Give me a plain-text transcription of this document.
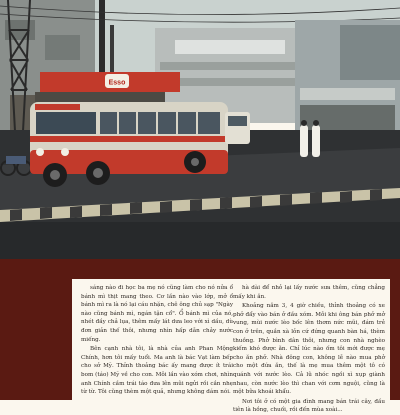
Esso

sáng nào đi học ba mẹ nó cũng làm cho nó nửa ổ bánh mì thịt mang theo. Cơ lần nào vào lớp, mở ổ bánh mì ra là nó lại cáu nhặn, chê ông chủ sạp "Ngày nào cũng bánh mì, ngán tận cổ". Ổ bánh mì của nó, nhét đầy chả lụa, thêm mấy lát dưa leo với xì dầu, dù đơn giản thế thôi, nhưng nhìn hấp dẫn chảy nước miếng.

Bên cạnh nhà tôi, là nhà của anh Phan Mộng Chính, hơn tôi mấy tuổi. Ma anh là bác Vạt làm bếp cho sở Mỹ. Thỉnh thoảng bác ấy mang được ít trái bom (táo) Mỹ về cho con. Mỗi lần vào xóm chơi, nhìn anh Chính cầm trái táo đưa lên mũi ngửi rồi cắn nhẹ từ từ. Tôi cũng thèm một quả, nhưng không dám nói.

hà dài để nhỏ lại lấy nước sưa thêm, cũng chẳng mấy khi ăn.

Khoảng năm 3, 4 giờ chiều, thỉnh thoảng có xe phở đẩy vào bán ở đầu xóm. Mỗi khi ông bán phở mở vung, mùi nước lèo bốc lên thơm nức mũi, đám trẻ con ở trên, quần xà lỏn cứ đứng quanh bàn há, thèm thuồng. Phở bình dân thôi, nhưng con nhà nghèo kiếm khó được ăn. Chỉ lúc nào ốm tôi mới được mẹ cho ăn phở. Nhà đông con, không lễ nào mua phở cho một đứa ăn, thế là mẹ mua thêm một tô có quánh với nước lèo. Cả lũ nhóc ngồi xì xụp giành nhau, còn nước lèo thì chan với cơm nguội, cũng là một bữa khoái khẩu.

Nơi tôi ở có một gia đình mang bán trái cây, đầu tiên là hồng, chuối, rồi đến mùa xoài...
